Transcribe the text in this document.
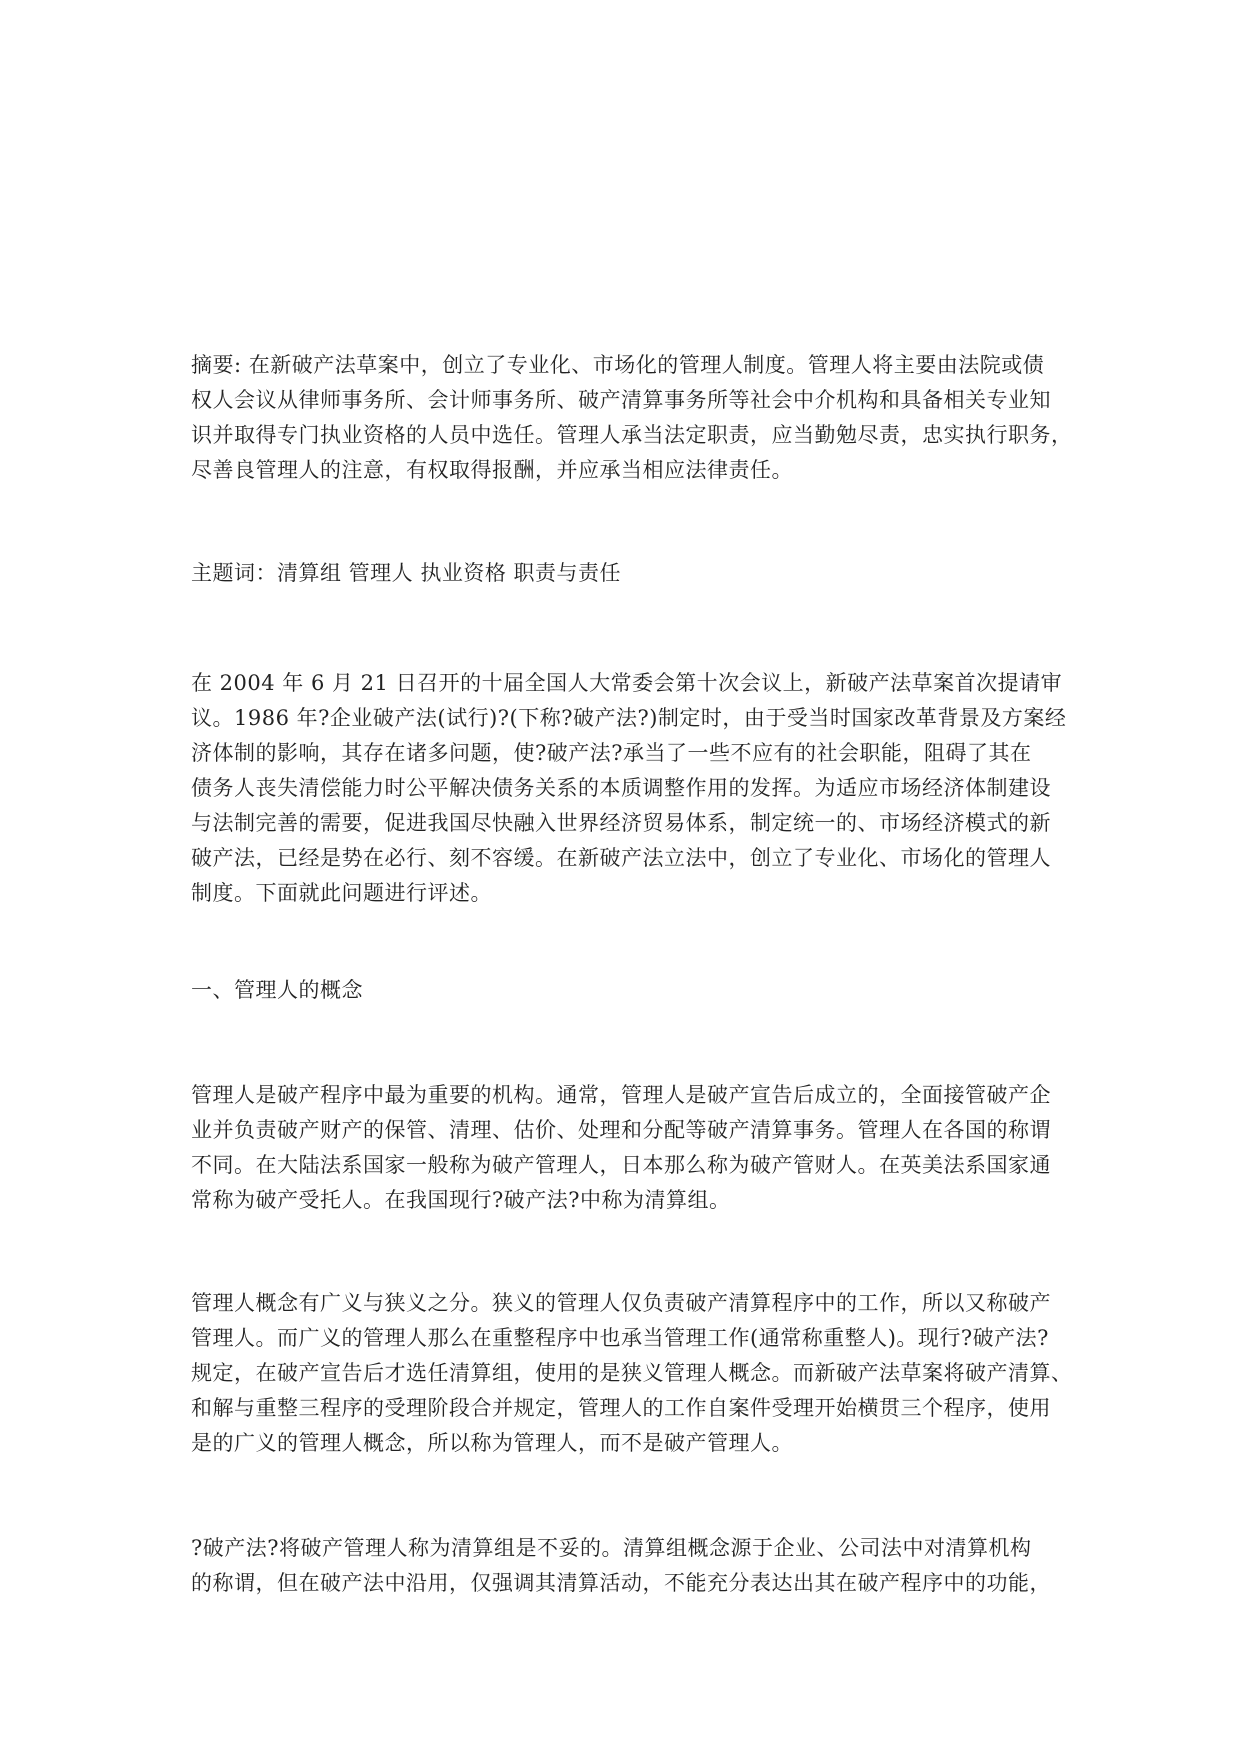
摘要: 在新破产法草案中，创立了专业化、市场化的管理人制度。管理人将主要由法院或债
权人会议从律师事务所、会计师事务所、破产清算事务所等社会中介机构和具备相关专业知
识并取得专门执业资格的人员中选任。管理人承当法定职责，应当勤勉尽责，忠实执行职务，
尽善良管理人的注意，有权取得报酬，并应承当相应法律责任。

主题词：清算组 管理人 执业资格 职责与责任

在 2004 年 6 月 21 日召开的十届全国人大常委会第十次会议上，新破产法草案首次提请审
议。1986 年?企业破产法(试行)?(下称?破产法?)制定时，由于受当时国家改革背景及方案经
济体制的影响，其存在诸多问题，使?破产法?承当了一些不应有的社会职能，阻碍了其在
债务人丧失清偿能力时公平解决债务关系的本质调整作用的发挥。为适应市场经济体制建设
与法制完善的需要，促进我国尽快融入世界经济贸易体系，制定统一的、市场经济模式的新
破产法，已经是势在必行、刻不容缓。在新破产法立法中，创立了专业化、市场化的管理人
制度。下面就此问题进行评述。

一、管理人的概念

管理人是破产程序中最为重要的机构。通常，管理人是破产宣告后成立的，全面接管破产企
业并负责破产财产的保管、清理、估价、处理和分配等破产清算事务。管理人在各国的称谓
不同。在大陆法系国家一般称为破产管理人，日本那么称为破产管财人。在英美法系国家通
常称为破产受托人。在我国现行?破产法?中称为清算组。

管理人概念有广义与狭义之分。狭义的管理人仅负责破产清算程序中的工作，所以又称破产
管理人。而广义的管理人那么在重整程序中也承当管理工作(通常称重整人)。现行?破产法?
规定，在破产宣告后才选任清算组，使用的是狭义管理人概念。而新破产法草案将破产清算、
和解与重整三程序的受理阶段合并规定，管理人的工作自案件受理开始横贯三个程序，使用
是的广义的管理人概念，所以称为管理人，而不是破产管理人。

?破产法?将破产管理人称为清算组是不妥的。清算组概念源于企业、公司法中对清算机构
的称谓，但在破产法中沿用，仅强调其清算活动，不能充分表达出其在破产程序中的功能，
